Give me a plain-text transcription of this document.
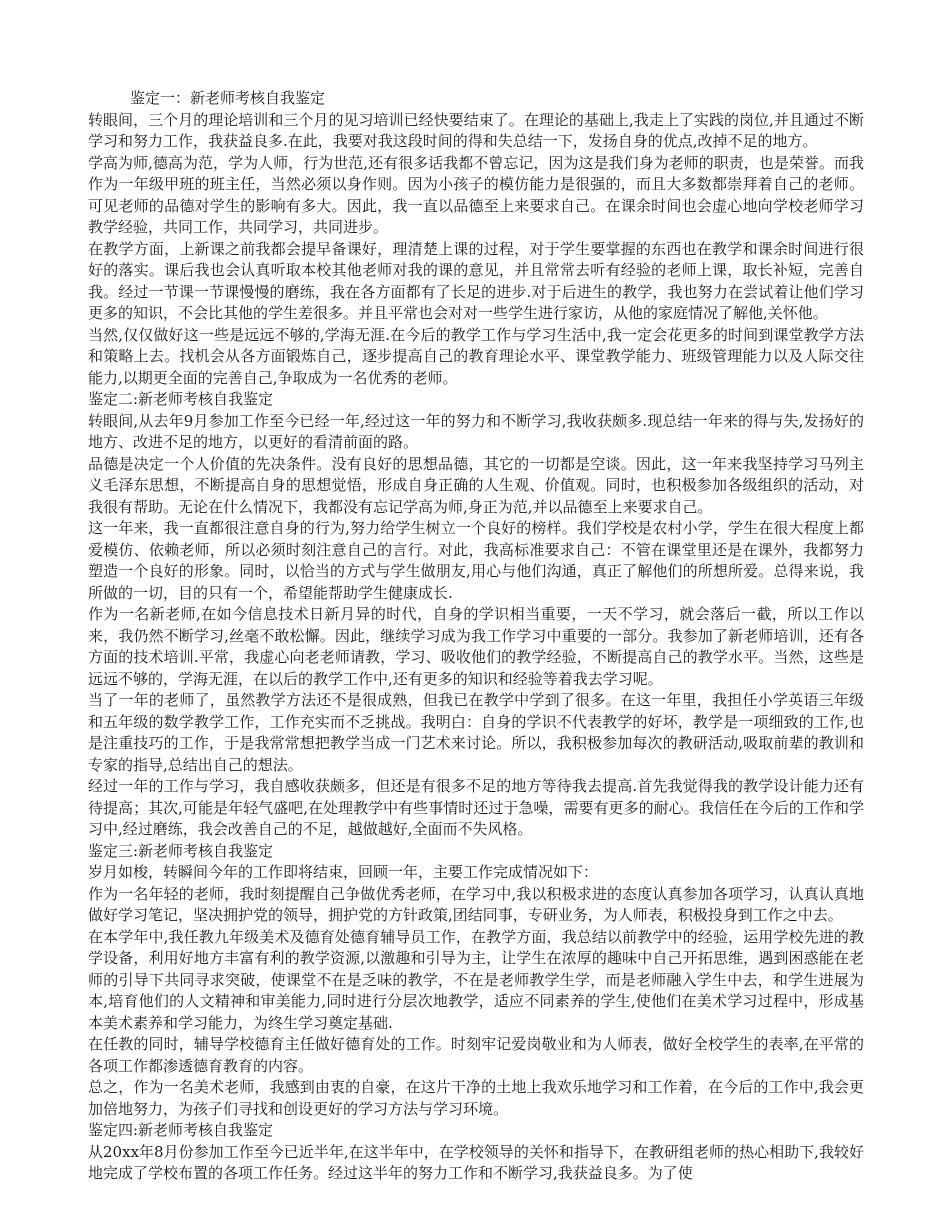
鉴定一：新老师考核自我鉴定

转眼间，三个月的理论培训和三个月的见习培训已经快要结束了。在理论的基础上,我走上了实践的岗位,并且通过不断学习和努力工作，我获益良多.在此，我要对我这段时间的得和失总结一下，发扬自身的优点,改掉不足的地方。

学高为师,德高为范，学为人师，行为世范,还有很多话我都不曾忘记，因为这是我们身为老师的职责，也是荣誉。而我作为一年级甲班的班主任，当然必须以身作则。因为小孩子的模仿能力是很强的，而且大多数都崇拜着自己的老师。可见老师的品德对学生的影响有多大。因此，我一直以品德至上来要求自己。在课余时间也会虚心地向学校老师学习教学经验，共同工作，共同学习，共同进步。

在教学方面，上新课之前我都会提早备课好，理清楚上课的过程，对于学生要掌握的东西也在教学和课余时间进行很好的落实。课后我也会认真听取本校其他老师对我的课的意见，并且常常去听有经验的老师上课，取长补短，完善自我。经过一节课一节课慢慢的磨练，我在各方面都有了长足的进步.对于后进生的教学，我也努力在尝试着让他们学习更多的知识，不会比其他的学生差很多。并且平常也会对对一些学生进行家访，从他的家庭情况了解他,关怀他。

当然,仅仅做好这一些是远远不够的,学海无涯.在今后的教学工作与学习生活中,我一定会花更多的时间到课堂教学方法和策略上去。找机会从各方面锻炼自己，逐步提高自己的教育理论水平、课堂教学能力、班级管理能力以及人际交往能力,以期更全面的完善自己,争取成为一名优秀的老师。

鉴定二:新老师考核自我鉴定

转眼间,从去年9月参加工作至今已经一年,经过这一年的努力和不断学习,我收获颇多.现总结一年来的得与失,发扬好的地方、改进不足的地方，以更好的看清前面的路。

品德是决定一个人价值的先决条件。没有良好的思想品德，其它的一切都是空谈。因此，这一年来我坚持学习马列主义毛泽东思想，不断提高自身的思想觉悟，形成自身正确的人生观、价值观。同时，也积极参加各级组织的活动，对我很有帮助。无论在什么情况下，我都没有忘记学高为师,身正为范,并以品德至上来要求自己。

这一年来，我一直都很注意自身的行为,努力给学生树立一个良好的榜样。我们学校是农村小学，学生在很大程度上都爱模仿、依赖老师，所以必须时刻注意自己的言行。对此，我高标准要求自己：不管在课堂里还是在课外，我都努力塑造一个良好的形象。同时，以恰当的方式与学生做朋友,用心与他们沟通，真正了解他们的所想所爱。总得来说，我所做的一切，目的只有一个，希望能帮助学生健康成长.

作为一名新老师,在如今信息技术日新月异的时代，自身的学识相当重要，一天不学习，就会落后一截，所以工作以来，我仍然不断学习,丝毫不敢松懈。因此，继续学习成为我工作学习中重要的一部分。我参加了新老师培训，还有各方面的技术培训.平常，我虚心向老老师请教，学习、吸收他们的教学经验，不断提高自己的教学水平。当然，这些是远远不够的，学海无涯，在以后的教学工作中,还有更多的知识和经验等着我去学习呢。

当了一年的老师了，虽然教学方法还不是很成熟，但我已在教学中学到了很多。在这一年里，我担任小学英语三年级和五年级的数学教学工作，工作充实而不乏挑战。我明白：自身的学识不代表教学的好坏，教学是一项细致的工作,也是注重技巧的工作，于是我常常想把教学当成一门艺术来讨论。所以，我积极参加每次的教研活动,吸取前辈的教训和专家的指导,总结出自己的想法。

经过一年的工作与学习，我自感收获颇多，但还是有很多不足的地方等待我去提高.首先我觉得我的教学设计能力还有待提高；其次,可能是年轻气盛吧,在处理教学中有些事情时还过于急噪，需要有更多的耐心。我信任在今后的工作和学习中,经过磨练，我会改善自己的不足，越做越好,全面而不失风格。

鉴定三:新老师考核自我鉴定

岁月如梭，转瞬间今年的工作即将结束，回顾一年，主要工作完成情况如下：

作为一名年轻的老师，我时刻提醒自己争做优秀老师，在学习中,我以积极求进的态度认真参加各项学习，认真认真地做好学习笔记，坚决拥护党的领导，拥护党的方针政策,团结同事，专研业务，为人师表，积极投身到工作之中去。

在本学年中,我任教九年级美术及德育处德育辅导员工作，在教学方面，我总结以前教学中的经验，运用学校先进的教学设备，利用好地方丰富有利的教学资源,以激趣和引导为主，让学生在浓厚的趣味中自己开拓思维，遇到困惑能在老师的引导下共同寻求突破，使课堂不在是乏味的教学，不在是老师教学生学，而是老师融入学生中去，和学生进展为本,培育他们的人文精神和审美能力,同时进行分层次地教学，适应不同素养的学生,使他们在美术学习过程中，形成基本美术素养和学习能力，为终生学习奠定基础.

在任教的同时，辅导学校德育主任做好德育处的工作。时刻牢记爱岗敬业和为人师表，做好全校学生的表率,在平常的各项工作都渗透德育教育的内容。

总之，作为一名美术老师，我感到由衷的自豪，在这片干净的土地上我欢乐地学习和工作着，在今后的工作中,我会更加倍地努力，为孩子们寻找和创设更好的学习方法与学习环境。

鉴定四:新老师考核自我鉴定

从20xx年8月份参加工作至今已近半年,在这半年中，在学校领导的关怀和指导下，在教研组老师的热心相助下,我较好地完成了学校布置的各项工作任务。经过这半年的努力工作和不断学习,我获益良多。为了使
